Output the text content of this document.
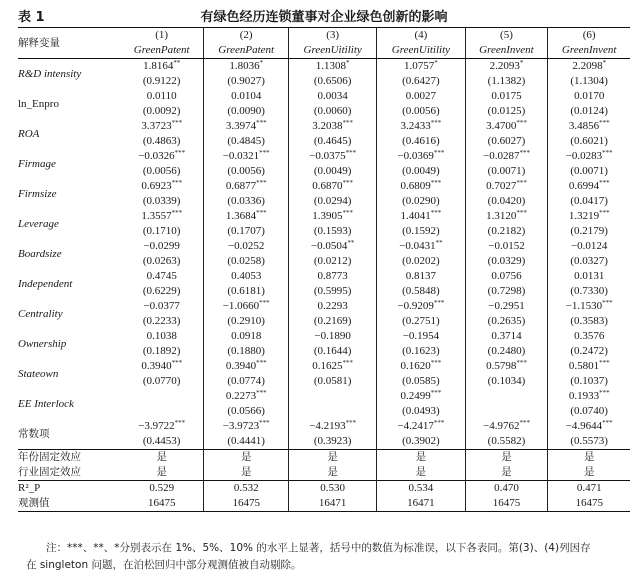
表 1	有绿色经历连锁董事对企业绿色创新的影响
解释变量	(1)	(2)	(3)	(4)	(5)	(6)
	GreenPatent	GreenPatent	GreenUitility	GreenUitility	GreenInvent	GreenInvent
R&D intensity	1.8164**	1.8036*	1.1308*	1.0757*	2.2093*	2.2098*
	(0.9122)	(0.9027)	(0.6506)	(0.6427)	(1.1382)	(1.1304)
ln_Enpro	0.0110	0.0104	0.0034	0.0027	0.0175	0.0170
	(0.0092)	(0.0090)	(0.0060)	(0.0056)	(0.0125)	(0.0124)
ROA	3.3723***	3.3974***	3.2038***	3.2433***	3.4700***	3.4856***
	(0.4863)	(0.4845)	(0.4645)	(0.4616)	(0.6027)	(0.6021)
Firmage	−0.0326***	−0.0321***	−0.0375***	−0.0369***	−0.0287***	−0.0283***
	(0.0056)	(0.0056)	(0.0049)	(0.0049)	(0.0071)	(0.0071)
Firmsize	0.6923***	0.6877***	0.6870***	0.6809***	0.7027***	0.6994***
	(0.0339)	(0.0336)	(0.0294)	(0.0290)	(0.0420)	(0.0417)
Leverage	1.3557***	1.3684***	1.3905***	1.4041***	1.3120***	1.3219***
	(0.1710)	(0.1707)	(0.1593)	(0.1592)	(0.2182)	(0.2179)
Boardsize	−0.0299	−0.0252	−0.0504**	−0.0431**	−0.0152	−0.0124
	(0.0263)	(0.0258)	(0.0212)	(0.0202)	(0.0329)	(0.0327)
Independent	0.4745	0.4053	0.8773	0.8137	0.0756	0.0131
	(0.6229)	(0.6181)	(0.5995)	(0.5848)	(0.7298)	(0.7330)
Centrality	−0.0377	−1.0660***	0.2293	−0.9209***	−0.2951	−1.1530***
	(0.2233)	(0.2910)	(0.2169)	(0.2751)	(0.2635)	(0.3583)
Ownership	0.1038	0.0918	−0.1890	−0.1954	0.3714	0.3576
	(0.1892)	(0.1880)	(0.1644)	(0.1623)	(0.2480)	(0.2472)
Stateown	0.3940***	0.3940***	0.1625***	0.1620***	0.5798***	0.5801***
	(0.0770)	(0.0774)	(0.0581)	(0.0585)	(0.1034)	(0.1037)
EE Interlock		0.2273***		0.2499***		0.1933***
		(0.0566)		(0.0493)		(0.0740)
常数项	−3.9722***	−3.9723***	−4.2193***	−4.2417***	−4.9762***	−4.9644***
	(0.4453)	(0.4441)	(0.3923)	(0.3902)	(0.5582)	(0.5573)
年份固定效应	是	是	是	是	是	是
行业固定效应	是	是	是	是	是	是
R²_P	0.529	0.532	0.530	0.534	0.470	0.471
观测值	16475	16475	16471	16471	16475	16475
注：***、**、*分别表示在 1%、5%、10% 的水平上显著，括号中的数值为标准误，以下各表同。第(3)、(4)列因存
在 singleton 问题，在泊松回归中部分观测值被自动剔除。
